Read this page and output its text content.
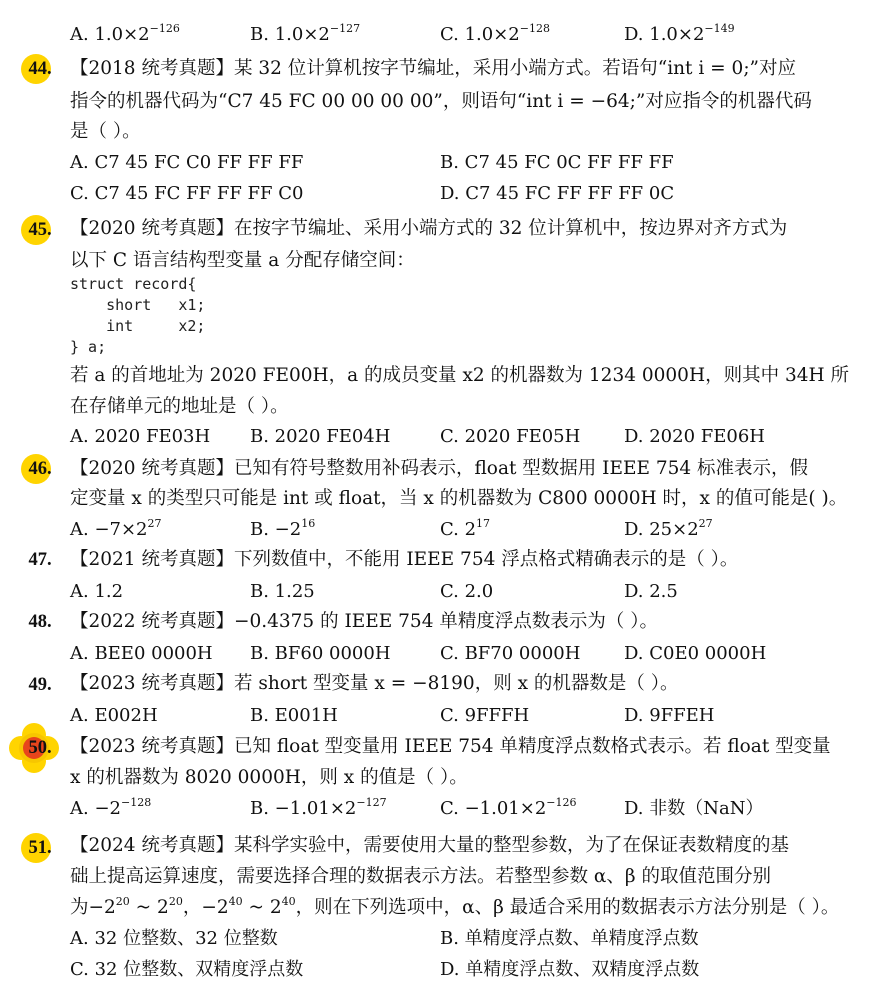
A. $1.0\times 2^{-126}$	B. $1.0\times 2^{-127}$	C. $1.0\times 2^{-128}$	D. $1.0\times 2^{-149}$
44. 【2018 统考真题】某 32 位计算机按字节编址，采用小端方式。若语句“int i = 0;”对应
指令的机器代码为“C7 45 FC 00 00 00 00”，则语句“int i = −64;”对应指令的机器代码
是（ ）。
A. C7 45 FC C0 FF FF FF	B. C7 45 FC 0C FF FF FF
C. C7 45 FC FF FF FF C0	D. C7 45 FC FF FF FF 0C
45. 【2020 统考真题】在按字节编址、采用小端方式的 32 位计算机中，按边界对齐方式为
以下 C 语言结构型变量 a 分配存储空间：
struct record{
short   x1;
int     x2;
} a;
若 a 的首地址为 2020 FE00H，a 的成员变量 x2 的机器数为 1234 0000H，则其中 34H 所
在存储单元的地址是（ ）。
A. 2020 FE03H B. 2020 FE04H	C. 2020 FE05H D. 2020 FE06H
46. 【2020 统考真题】已知有符号整数用补码表示，float 型数据用 IEEE 754 标准表示，假
定变量 x 的类型只可能是 int 或 float，当 x 的机器数为 C800 0000H 时，x 的值可能是( )。
A. $-7\times 2^{27}$	B. $-2^{16}$	C. $2^{17}$	D. $25\times 2^{27}$
47. 【2021 统考真题】下列数值中，不能用 IEEE 754 浮点格式精确表示的是（ ）。
A. 1.2	B. 1.25	C. 2.0	D. 2.5
48. 【2022 统考真题】−0.4375 的 IEEE 754 单精度浮点数表示为（ ）。
A. BEE0 0000H B. BF60 0000H	C. BF70 0000H D. C0E0 0000H
49. 【2023 统考真题】若 short 型变量 x = −8190，则 x 的机器数是（ ）。
A. E002H	B. E001H	C. 9FFFH	D. 9FFEH
50. 【2023 统考真题】已知 float 型变量用 IEEE 754 单精度浮点数格式表示。若 float 型变量
x 的机器数为 8020 0000H，则 x 的值是（ ）。
A. $-2^{-128}$	B. $-1.01\times 2^{-127}$	C. $-1.01\times 2^{-126}$	D. 非数（NaN）
51. 【2024 统考真题】某科学实验中，需要使用大量的整型参数，为了在保证表数精度的基
础上提高运算速度，需要选择合理的数据表示方法。若整型参数 α、β 的取值范围分别
为$-2^{20}$ ~ $2^{20}$，$-2^{40}$ ~ $2^{40}$，则在下列选项中，α、β 最适合采用的数据表示方法分别是（ ）。
A. 32 位整数、32 位整数	B. 单精度浮点数、单精度浮点数
C. 32 位整数、双精度浮点数	D. 单精度浮点数、双精度浮点数
